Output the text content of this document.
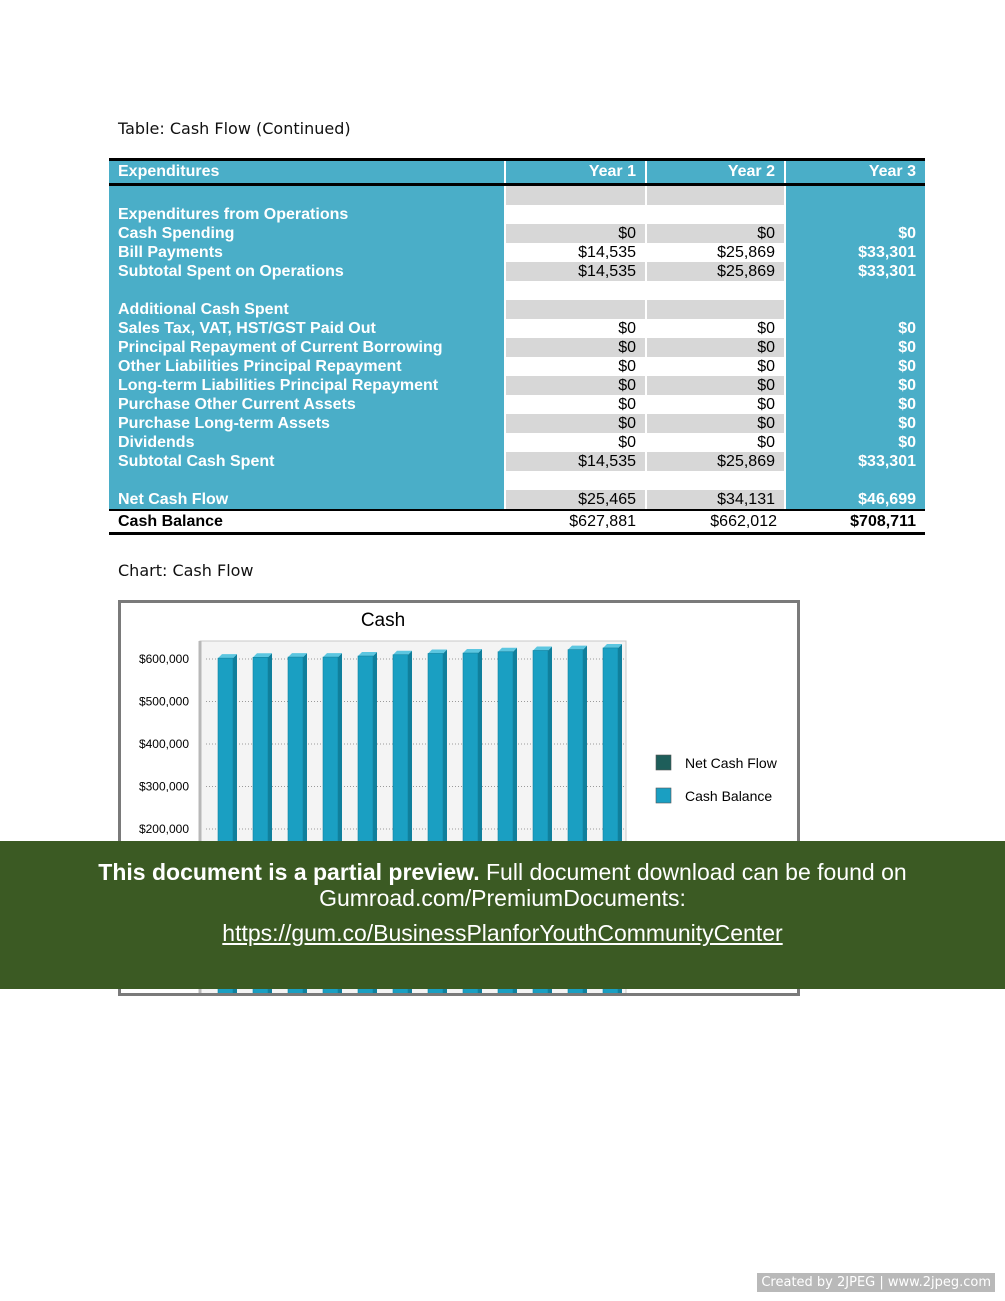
Table: Cash Flow (Continued)
Expenditures	Year 1	Year 2	Year 3
Expenditures from Operations
Cash Spending	$0	$0	$0
Bill Payments	$14,535	$25,869	$33,301
Subtotal Spent on Operations	$14,535	$25,869	$33,301
Additional Cash Spent
Sales Tax, VAT, HST/GST Paid Out	$0	$0	$0
Principal Repayment of Current Borrowing	$0	$0	$0
Other Liabilities Principal Repayment	$0	$0	$0
Long-term Liabilities Principal Repayment	$0	$0	$0
Purchase Other Current Assets	$0	$0	$0
Purchase Long-term Assets	$0	$0	$0
Dividends	$0	$0	$0
Subtotal Cash Spent	$14,535	$25,869	$33,301
Net Cash Flow	$25,465	$34,131	$46,699
Cash Balance	$627,881	$662,012	$708,711
Chart: Cash Flow
Cash
$600,000
$500,000
$400,000
$300,000
$200,000
Net Cash Flow
Cash Balance
This document is a partial preview. Full document download can be found on
Gumroad.com/PremiumDocuments:
https://gum.co/BusinessPlanforYouthCommunityCenter
Created by 2JPEG | www.2jpeg.com
